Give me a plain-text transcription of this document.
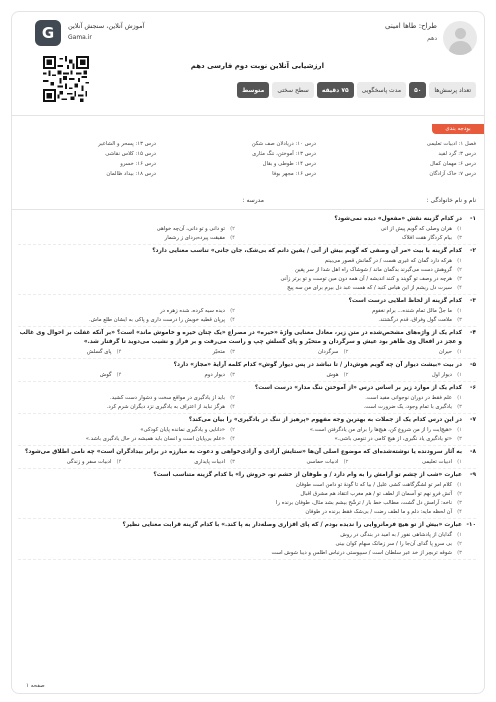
طراح: طاها امینی
دهم
آموزش آنلاین، سنجش آنلاین
Gama.ir
G
ارزشیابی آنلاین نوبت دوم فارسی دهم
تعداد پرسش‌ها
۵۰
مدت پاسخگویی
۷۵ دقیقه
سطح سختی
متوسط
بودجه بندی
فصل ۱: ادبیات تعلیمی
درس ۱۰: دریادلان صف شکن
درس ۱۳: پسحر و الشاعیر
درس ۳: گرد لفید
درس ۱۳: آموختن، ننگ مثاری
درس ۱۵: کلاس نقاشی
درس ۶: مهمان کمال
درس ۱۴: طوطی و بقال
درس ۱۶: خسرو
درس ۷: خاک آزادگان
درس ۱۶: مجهر بوفا
درس ۱۸: بیداد ظالمان
نام و نام خانوادگی :
مدرسه :
۱-
در کدام گزینه نقش «مفعول» دیده نمی‌شود؟
۱)
هران وصلی که گویم پیش از انی
۲)
تو دانی و تو دانی، آن‌چه خواهی
۳)
بیام کردگار هفت افلاک
۴)
مقیقت پیرده‌بردای ز رشمار
۲-
کدام گزینه با بیت «مر آن وصفی که گویم بیش از آنی / یقین دانم که بی‌شک، جان جانی» تناسب معنایی دارد؟
۱)
هرکه دارد گمان که غیری هست / در گمانش قصور می‌بینم
۲)
گروهش دست می‌گیرند بدگمان ماند / شوشاک راه اهل شدا از سر پقین
۳)
هرچه در وصف تو گویند و کنند اندیشه / آن همه دون مین تو‌ست و تو برتر زآنی
۴)
سیرت دل ریشم از این هیاس کنید / که هست عبد دل بیرم برای من سه پیج
۳-
کدام گزینه از لحاظ املایی درست است؟
۱)
ما جلّ مالل تمام شنده..‌. برام نغفوم
۲)
دیده سیه کرده، شده زهره در
۳)
ملامت گول وفراق، قدم درگشتند.
۴)
پرپان قطیه خویش را درست داری و پاکی به ایشان طلع ماش.
۴-
کدام یک از واژه‌های مشخص‌شده در متن زیر، معادل معنایی واژهٔ «خیره» در مصراع «یک چتان خیره و خاموش ماند» است؟ «بر آنکه غفلت بر احوال وی غالب و عجز در افعال وی ظاهر بود عیش و سرگردان و متحیّر و پای گسلش چپ و راست می‌رفت و بر فراز و نشیب می‌دوید تا گرفتار شد.»
۱)
حیران
۲)
سرگردان
۳)
متحیّر
۴)
پای گسلش
۵-
در بیت «بیشت دیوار آن چه گویم هوش‌دار / تا نباشد در پس دیوار گوش» کدام کلمه آرایهٔ «مجاز» دارد؟
۱)
دیوار اول
۲)
هوش
۳)
دیوار دوم
۴)
گوش
۶-
کدام یک از موارد زیر بر اساس درس «از آموختن ننگ مدار» درست است؟
۱)
علم فقط در دوران نوجوانی مفید است.
۲)
باید از یادگیری در مواقع سخت و دشوار دست کشید.
۳)
یادگیری با تمام وجود، یک ضرورت است.
۴)
هرگز نباید از اعتراف به یادگیری نزد دیگران شرم کرد.
۷-
در این درس کدام یک از جملات به بهترین وجه مفهوم «پرهیز از ننگ در یادگیری» را بیان می‌کند؟
۱)
«هیچ‌ایت را از من شروع کن، هیچ‌ها را برای من یادگرفتن است.»
۲)
«دانایی و یادگیری نمانده پایان کودکی»
۳)
«تو یادگیری یاد نگیری، از هیچ کامی در تنومی باشی.»
۴)
«علم بی‌پایان است و انسان باید همیشه در حال یادگیری باشد.»
۸-
به آثار سرودنده یا نوشته‌شده‌ای که موضوع اصلی آن‌ها «ستایش آزادی و آزادی‌خواهی و دعوت به مبارزه در برابر بیدادگران است» چه نامی اطلاق می‌شود؟
۱)
ادبیات تعلیمی
۲)
ادبیات حماسی
۳)
ادبیات پایداری
۴)
ادبیات سفر و زندگی
۹-
عبارت «شب از چشم تو آرامش را به وام دارد / و طوفان از خشم تو، خروش را» با کدام گزینه متناسب است؟
۱)
کلام امر تو لشگرگاهت کشی علیل / بیا که تا گونهٔ تو دامن است طوفان
۲)
آتش فرو نهم تو آسمان از لطف تو / هم مغرب انتقاد هم مشرق اقبال
۳)
ناخه: آرامش دل گشت، مطالب خط بار / ترشّح بیشم بشد مثال، طوفان برنده را
۴)
آن لحظه مایه: دلم و ما لطف رضت / بی‌شک فقط برنده در طوفان
۱۰-
عبارت «بیش از تو هیچ فرمانروایی را ندیده بودم / که پای افزاری وصله‌دار به پا کند.» با کدام گزینه قرابت معنایی نظیر؟
۱)
گدایان از پادشاهی نفور / به امید در بندگی در روش
۲)
بی سرو پا گدای آن‌جا را / سر زمانک سهام کوان بینی
۳)
شوقه تربچر از خد عیر سلطان است / سیپوستی درنباس اطلس و دیبا شوش است
صفحه ۱
